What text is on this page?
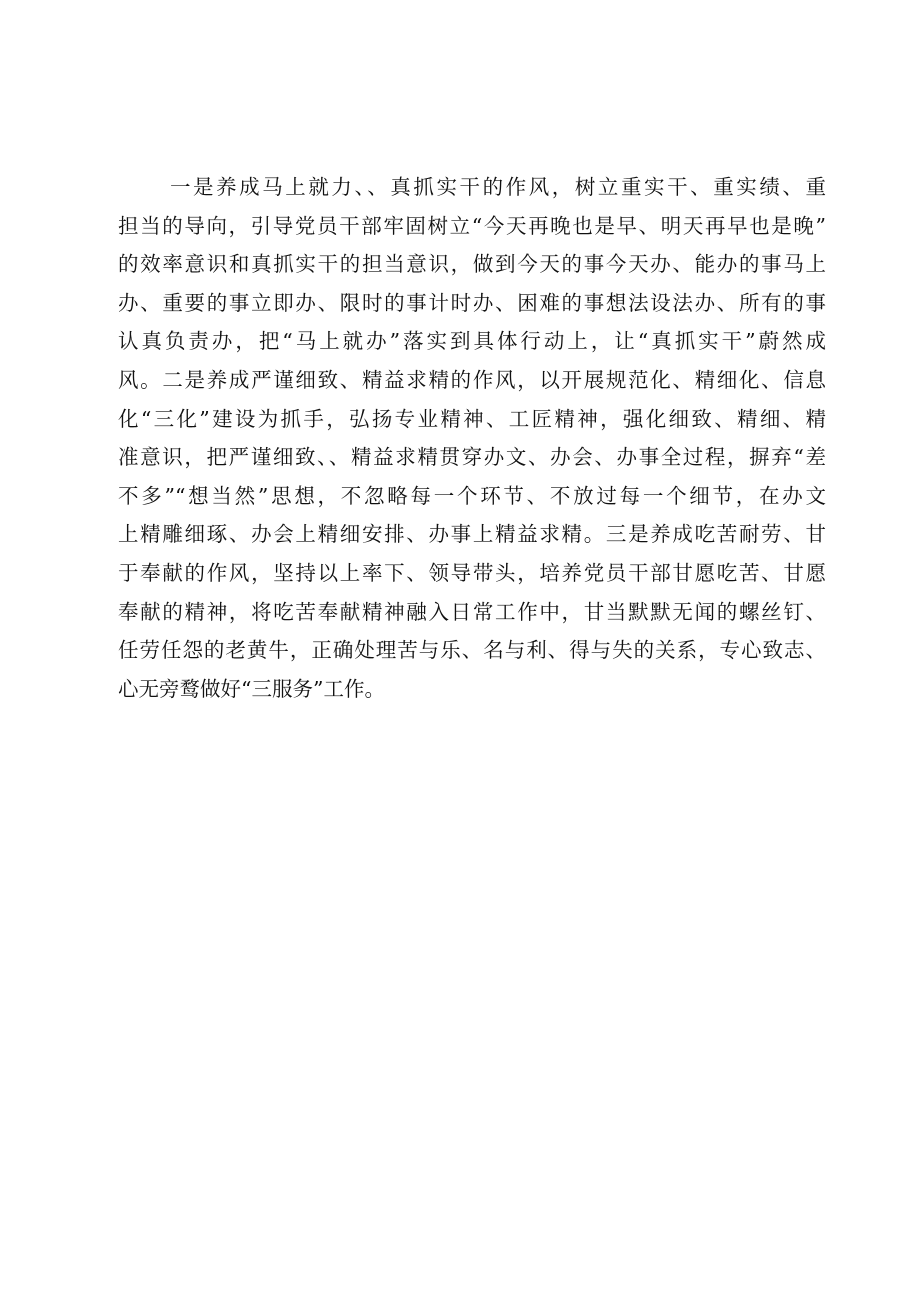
一是养成马上就力、、真抓实干的作风，树立重实干、重实绩、重
担当的导向，引导党员干部牢固树立“今天再晚也是早、明天再早也是晚”
的效率意识和真抓实干的担当意识，做到今天的事今天办、能办的事马上
办、重要的事立即办、限时的事计时办、困难的事想法设法办、所有的事
认真负责办，把“马上就办”落实到具体行动上，让“真抓实干”蔚然成
风。二是养成严谨细致、精益求精的作风，以开展规范化、精细化、信息
化“三化”建设为抓手，弘扬专业精神、工匠精神，强化细致、精细、精
准意识，把严谨细致、、精益求精贯穿办文、办会、办事全过程，摒弃“差
不多”“想当然”思想，不忽略每一个环节、不放过每一个细节，在办文
上精雕细琢、办会上精细安排、办事上精益求精。三是养成吃苦耐劳、甘
于奉献的作风，坚持以上率下、领导带头，培养党员干部甘愿吃苦、甘愿
奉献的精神，将吃苦奉献精神融入日常工作中，甘当默默无闻的螺丝钉、
任劳任怨的老黄牛，正确处理苦与乐、名与利、得与失的关系，专心致志、
心无旁鹜做好“三服务”工作。
